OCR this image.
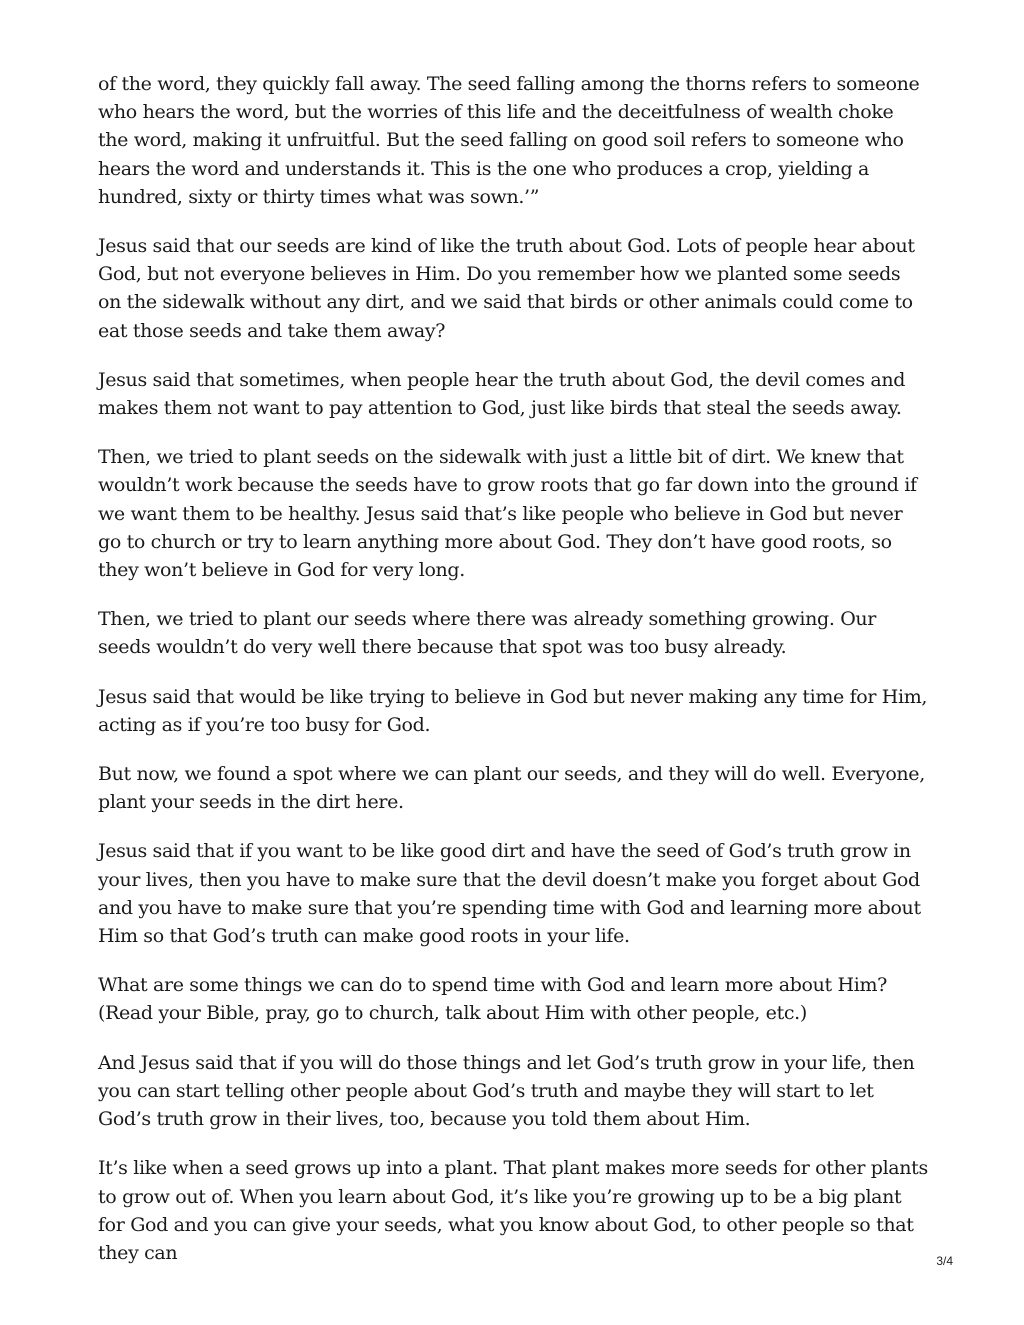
of the word, they quickly fall away. The seed falling among the thorns refers to someone who hears the word, but the worries of this life and the deceitfulness of wealth choke the word, making it unfruitful. But the seed falling on good soil refers to someone who hears the word and understands it. This is the one who produces a crop, yielding a hundred, sixty or thirty times what was sown.’”

Jesus said that our seeds are kind of like the truth about God. Lots of people hear about God, but not everyone believes in Him. Do you remember how we planted some seeds on the sidewalk without any dirt, and we said that birds or other animals could come to eat those seeds and take them away?

Jesus said that sometimes, when people hear the truth about God, the devil comes and makes them not want to pay attention to God, just like birds that steal the seeds away.

Then, we tried to plant seeds on the sidewalk with just a little bit of dirt. We knew that wouldn’t work because the seeds have to grow roots that go far down into the ground if we want them to be healthy. Jesus said that’s like people who believe in God but never go to church or try to learn anything more about God. They don’t have good roots, so they won’t believe in God for very long.

Then, we tried to plant our seeds where there was already something growing. Our seeds wouldn’t do very well there because that spot was too busy already.

Jesus said that would be like trying to believe in God but never making any time for Him, acting as if you’re too busy for God.

But now, we found a spot where we can plant our seeds, and they will do well. Everyone, plant your seeds in the dirt here.

Jesus said that if you want to be like good dirt and have the seed of God’s truth grow in your lives, then you have to make sure that the devil doesn’t make you forget about God and you have to make sure that you’re spending time with God and learning more about Him so that God’s truth can make good roots in your life.

What are some things we can do to spend time with God and learn more about Him? (Read your Bible, pray, go to church, talk about Him with other people, etc.)

And Jesus said that if you will do those things and let God’s truth grow in your life, then you can start telling other people about God’s truth and maybe they will start to let God’s truth grow in their lives, too, because you told them about Him.

It’s like when a seed grows up into a plant. That plant makes more seeds for other plants to grow out of. When you learn about God, it’s like you’re growing up to be a big plant for God and you can give your seeds, what you know about God, to other people so that they can	3/4
